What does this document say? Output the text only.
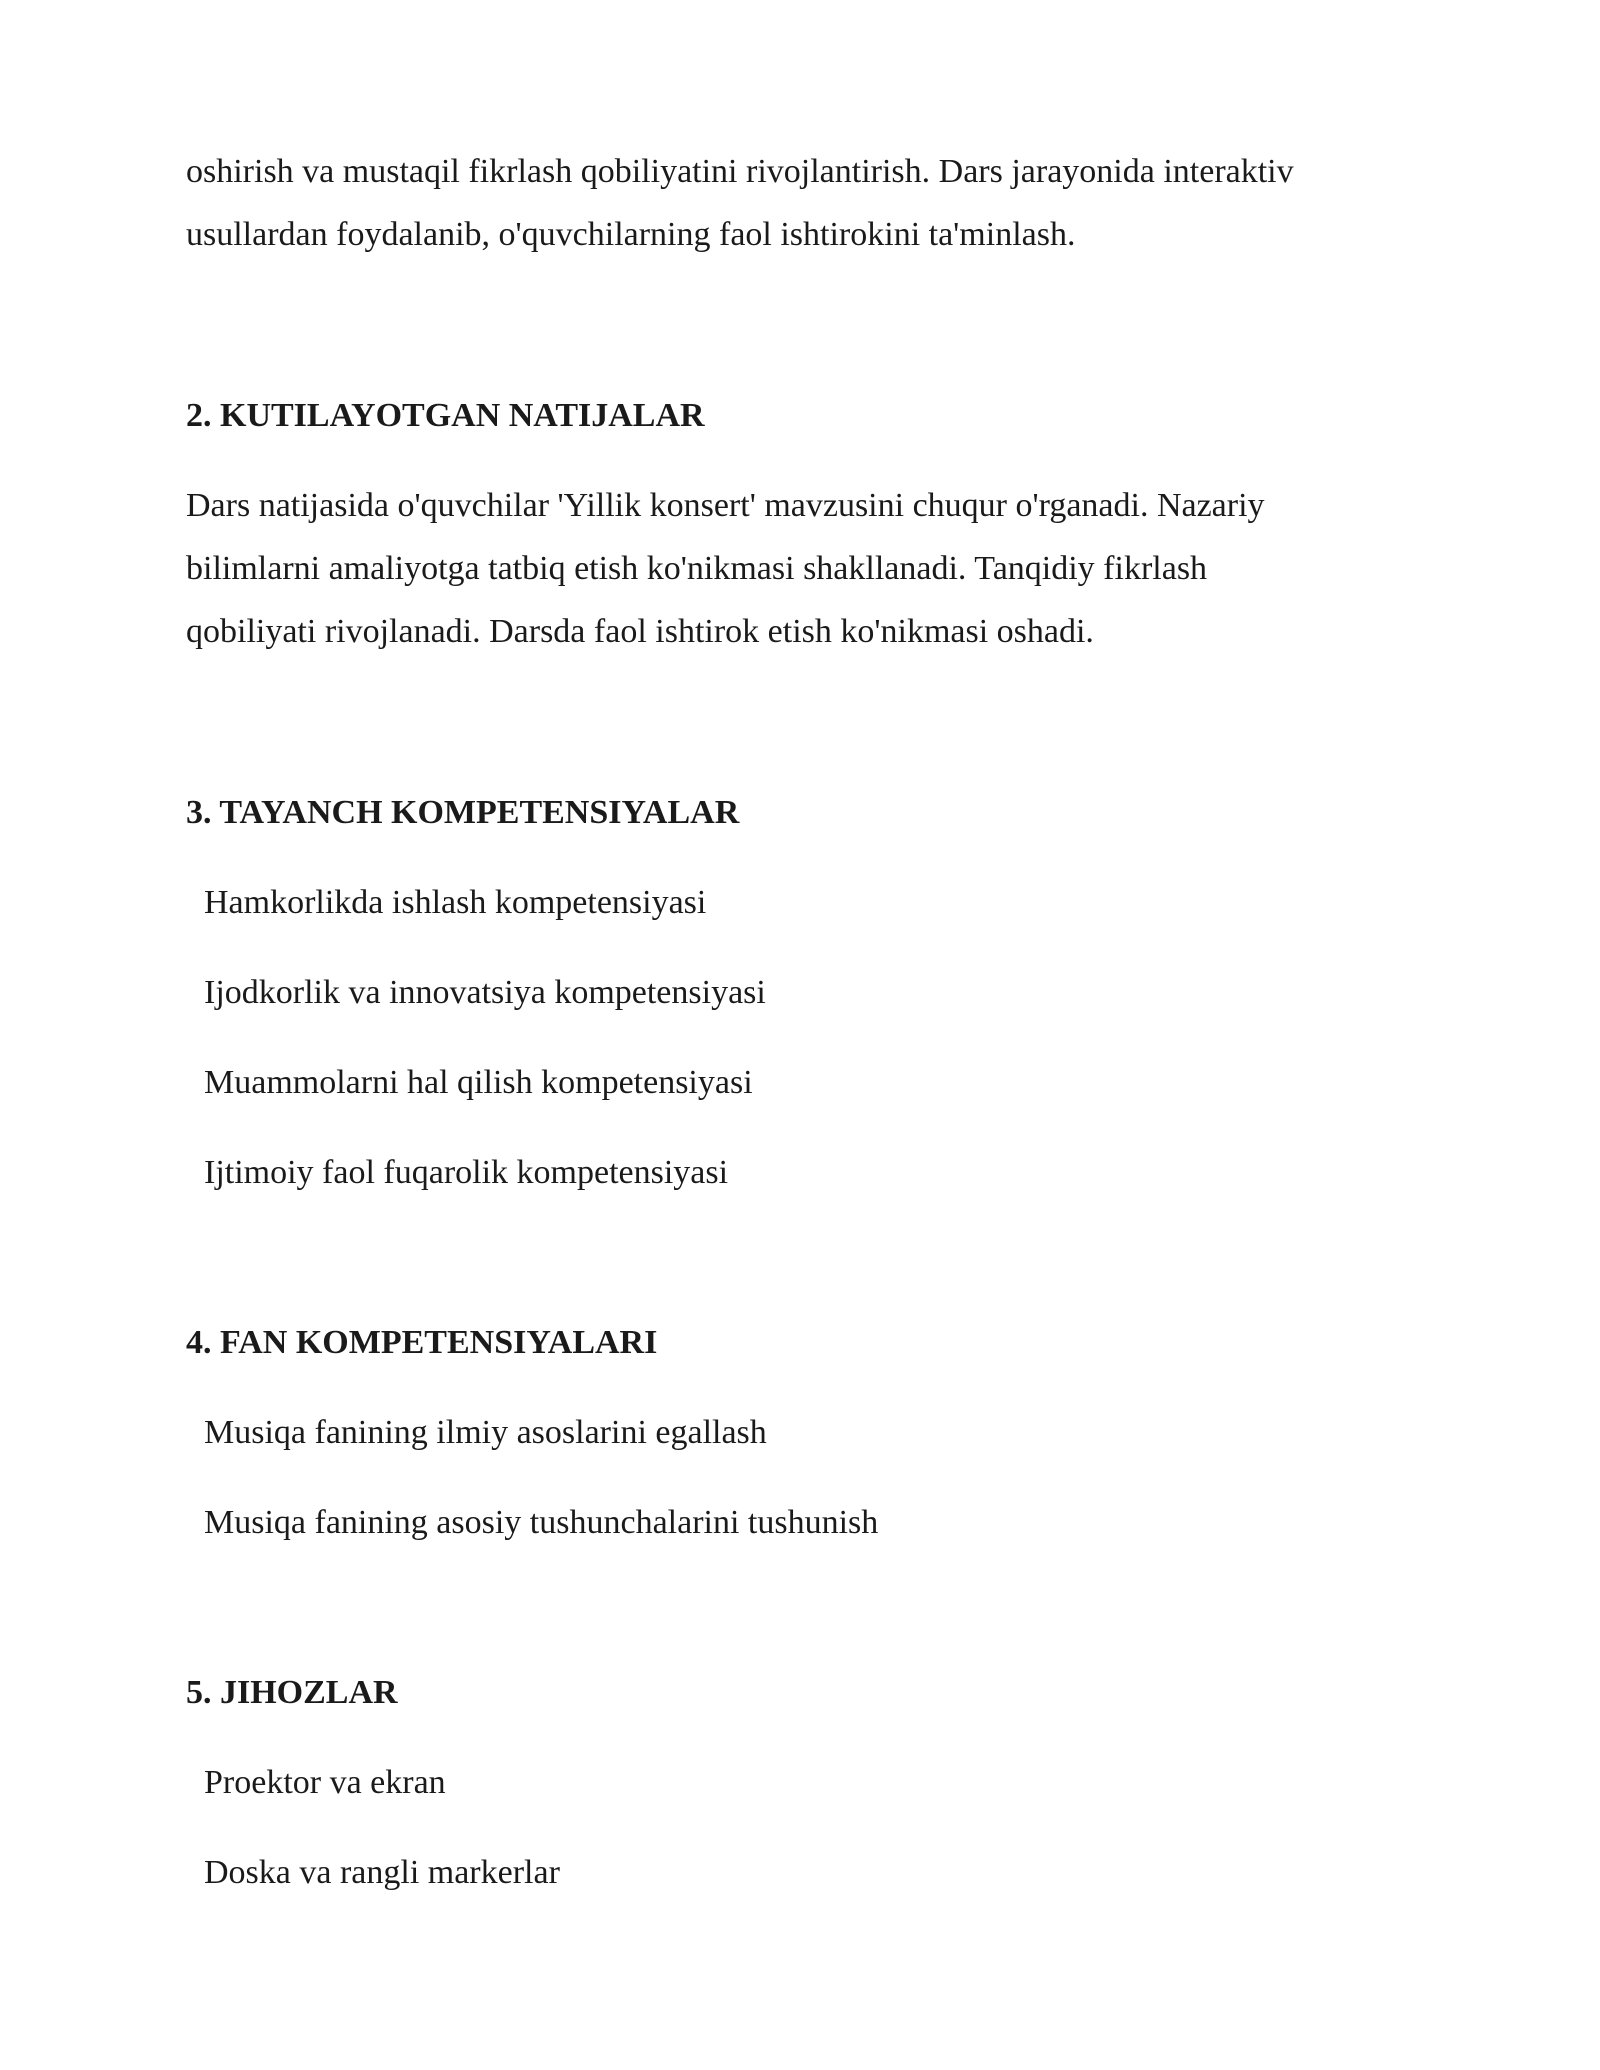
oshirish va mustaqil fikrlash qobiliyatini rivojlantirish. Dars jarayonida interaktiv
usullardan foydalanib, o'quvchilarning faol ishtirokini ta'minlash.

2. KUTILAYOTGAN NATIJALAR

Dars natijasida o'quvchilar 'Yillik konsert' mavzusini chuqur o'rganadi. Nazariy
bilimlarni amaliyotga tatbiq etish ko'nikmasi shakllanadi. Tanqidiy fikrlash
qobiliyati rivojlanadi. Darsda faol ishtirok etish ko'nikmasi oshadi.

3. TAYANCH KOMPETENSIYALAR
Hamkorlikda ishlash kompetensiyasi
Ijodkorlik va innovatsiya kompetensiyasi
Muammolarni hal qilish kompetensiyasi
Ijtimoiy faol fuqarolik kompetensiyasi
4. FAN KOMPETENSIYALARI
Musiqa fanining ilmiy asoslarini egallash
Musiqa fanining asosiy tushunchalarini tushunish
5. JIHOZLAR
Proektor va ekran
Doska va rangli markerlar
